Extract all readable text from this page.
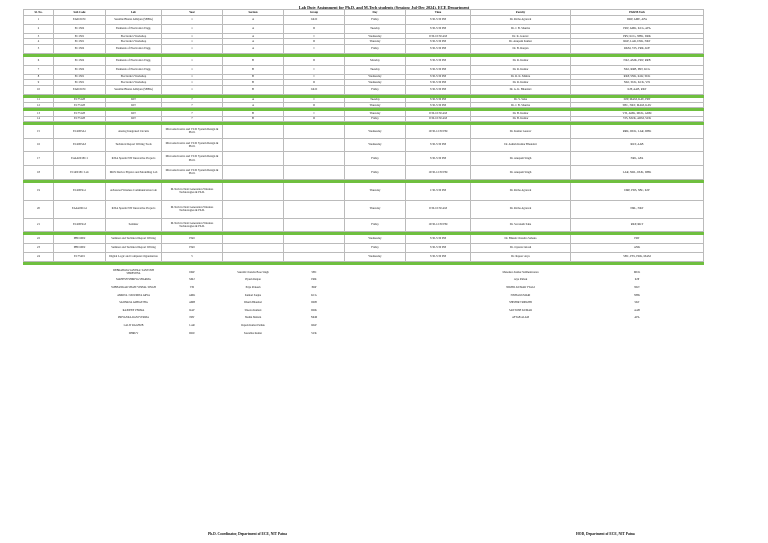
Lab Duty Assignment for Ph.D. and M.Tech students (Session: Jul-Dec 2024), ECE Department
Sl. No.	Sub Code	Lab	Year	Section	Group	Day	Time	Faculty	PhD/M.Tech
1	EA6101EC	Sessible Bharat Abhiyan (SBBA)	1	A	I & II	Friday	3:30-5:30 PM	Dr. Richa Agrawal	DRP, AME, AFA
2	EC1502	Elements of Electronics Engg.	1	A	II	Tuesday	3:30-5:30 PM	Dr. J. B. Sharma	PRV, AMK, KCG, AFA
3	EC1501	Electronics Workshop	1	A	I	Wednesday	9:30-10:30 AM	Dr. K. Gaurav	PRV, KCG, NHK, DRK
4	EC1501	Electronics Workshop	1	A	II	Thursday	3:30-5:30 PM	Dr. Anupam Kumar	RKP, LAR, DSK, NKT
5	EC1502	Elements of Electronics Engg.	1	A	I	Friday	3:30-5:30 PM	Dr. B. Ranjan	RKM, VIS, PRK, KJP

6	EC1502	Elements of Electronics Engg.	1	B	II	Monday	3:30-5:30 PM	Dr. R. Kumar	NKJ, AMK, PRV, RRB
7	EC1502	Elements of Electronics Engg.	1	B	I	Tuesday	3:30-5:30 PM	Dr. R. Kumar	NKJ, RRB, PRT, KCG
8	EC1501	Electronics Workshop	1	B	I	Wednesday	3:30-5:30 PM	Dr. R. K. Mishra	RKP, SNK, KAV, SUK
9	EC1501	Electronics Workshop	1	B	II	Wednesday	3:30-5:30 PM	Dr. R. Kumar	NKJ, SUK, KCK, VIS
10	EA6101EC	Sessible Bharat Abhiyan (SBBA)	1	B	I & II	Friday	3:30-5:30 PM	Dr. A. K. Bhandari	KJP, AAB, RKT

11	EC75128	IOT	7	A	I	Tuesday	3:30-5:30 PM	Dr. S. Saha	DJP, MAM, KAV, PRT
12	EC75128	IOT	7	A	II	Thursday	3:30-5:30 PM	Dr. J. B. Sharma	SBC, NKT, MAM, KAV

13	EC75128	IOT	7	B	I	Thursday	9:30-10:30 AM	Dr. B. Kumar	VIS, AMK, MUK, ADM
14	EC75128	IOT	7	B	II	Friday	9:30-10:30 AM	Dr. B. Kumar	VIS, MUK, ADM, SUK

15	EC4003A1	Analog Integrated Circuits	Microelectronics and VLSI System Design & Ph.D.			Wednesday	10:30-12:30 PM	Dr. Kumar Gaurav	RRK, DUK, LAR, DHK
16	EC4003A3	Technical Report Writing Tools	Microelectronics and VLSI System Design & Ph.D.			Wednesday	3:30-5:30 PM	Dr. Ashish Kumar Bhandari	RKT, AAB
17	EA4A001EC1	IOSA Sparsh NIT Innovative Projects	Microelectronics and VLSI System Design & Ph.D.			Friday	3:30-5:30 PM	Dr. Anupam Singh	NRL, AFA
18	EC4001EC Lab	MOS Device Physics and Modelling Lab	Microelectronics and VLSI System Design & Ph.D.			Friday	10:30-12:30 PM	Dr. Anupam Singh	LAR, NRL, DUK, DHK

19	EC4003G1	Advanced Wireless Communication Lab	M.Tech in Next Generation Wireless Technologies & Ph.D.			Thursday	1:30-3:30 PM	Dr. Richa Agrawal	DRP, PDS, SBC, KJP
20	EA4A001G1	IOSA Sparsh NIT Innovative Projects	M.Tech in Next Generation Wireless Technologies & Ph.D.			Thursday	9:30-10:30 AM	Dr. Richa Agrawal	NRL, NKT
21	EC4003G3	Seminar	M.Tech in Next Generation Wireless Technologies & Ph.D.			Friday	10:30-12:30 PM	Dr. Sovanath Saha	RKP, RKT

22	PHD1002	Seminar and Technical Report Writing	PhD			Wednesday	3:30-5:30 PM	Dr. Bikash Chandra Sahana	PRT
23	PHD1002	Seminar and Technical Report Writing	PhD			Friday	3:30-5:30 PM	Dr. Jayanta Ghosh	ANK
24	EC75401	Digital Logic and Computer Organization	5			Wednesday	3:30-5:30 PM	Dr. Rajeev Arya	SBC, PSS, PRK, MAM

		DEBRABATA SANTRA/ SANTOSH SHRESTHA	DRP	Saurabh Chandra Bose Singh	SBC			Manohara Kumar Siddheshwaran	MUK
		MAHESH SHIRIYA SHARMA	MKJ	Piyush Ranjan	PRK			Arya Pathak	KJP
		SUBHANKAR SHAH/ VISHAL SINGH	VIS	Priya Prakash	PRP			NIKHIL KUMAR TYAGI	NKT
		AMRITA / MOUMITA ARYA	AMK	Kumari Sanjna	KCG			NISHA KUMARI	NHK
		SADHANA AMBASTHA	AMB	Dharm Bhandari	DRB			SHISHIR TRIPATHI	SKT
		RAJDEEP VERMA	RAV	Shweta Kumari	DRK			SANTOSH KUMAR	AAB
		PRIYANKA RANI VERMA	PRV	Shahin Mohsin	NKM			AFTAB ALAM	AFA
		LALIT RAGHUB	LAR	Rajesh Kumar Pathak	RKP				
		DHRUV	DRU	Saurabha Kumar	SUK				
Ph.D. Coordinator, Department of ECE, NIT Patna	HOD, Department of ECE, NIT Patna
